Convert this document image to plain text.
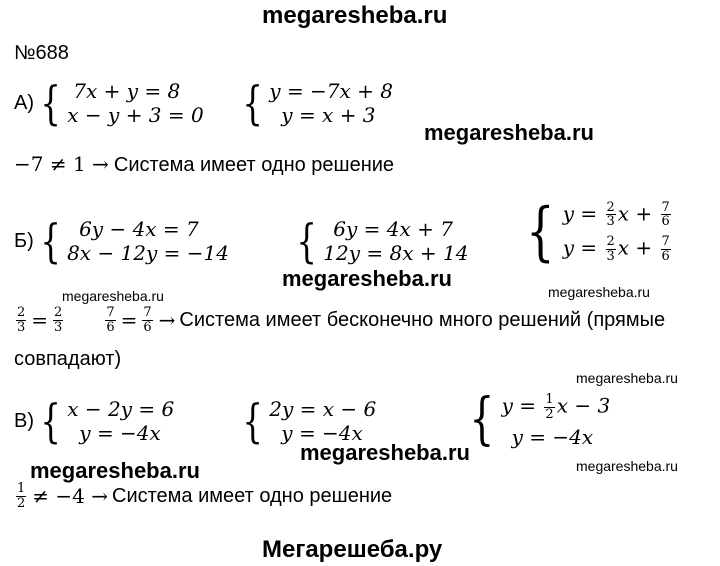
megaresheba.ru
№688
А) { 7x + y = 8
x − y + 3 = 0 { y = −7x + 8
y = x + 3
megaresheba.ru
−7 ≠ 1 → Система имеет одно решение
Б) { 6y − 4x = 7
8x − 12y = −14 { 6y = 4x + 7
12y = 8x + 14 { $y = \frac{2}{3}$ $x + \frac{7}{6}$
$y = \frac{2}{3}$ $x + \frac{7}{6}$
megaresheba.ru
megaresheba.ru	megaresheba.ru
$\frac{2}{3} = \frac{2}{3}$	$\frac{7}{6} = \frac{7}{6}$ → Система имеет бесконечно много решений (прямые
совпадают)
megaresheba.ru
В) { x − 2y = 6
y = −4x { 2y = x − 6
y = −4x { $y = \frac{1}{2}$ x − 3
y = −4x
megaresheba.ru
megaresheba.ru	megaresheba.ru
$\frac{1}{2} \ne -4$ → Система имеет одно решение
Мегарешеба.ру
